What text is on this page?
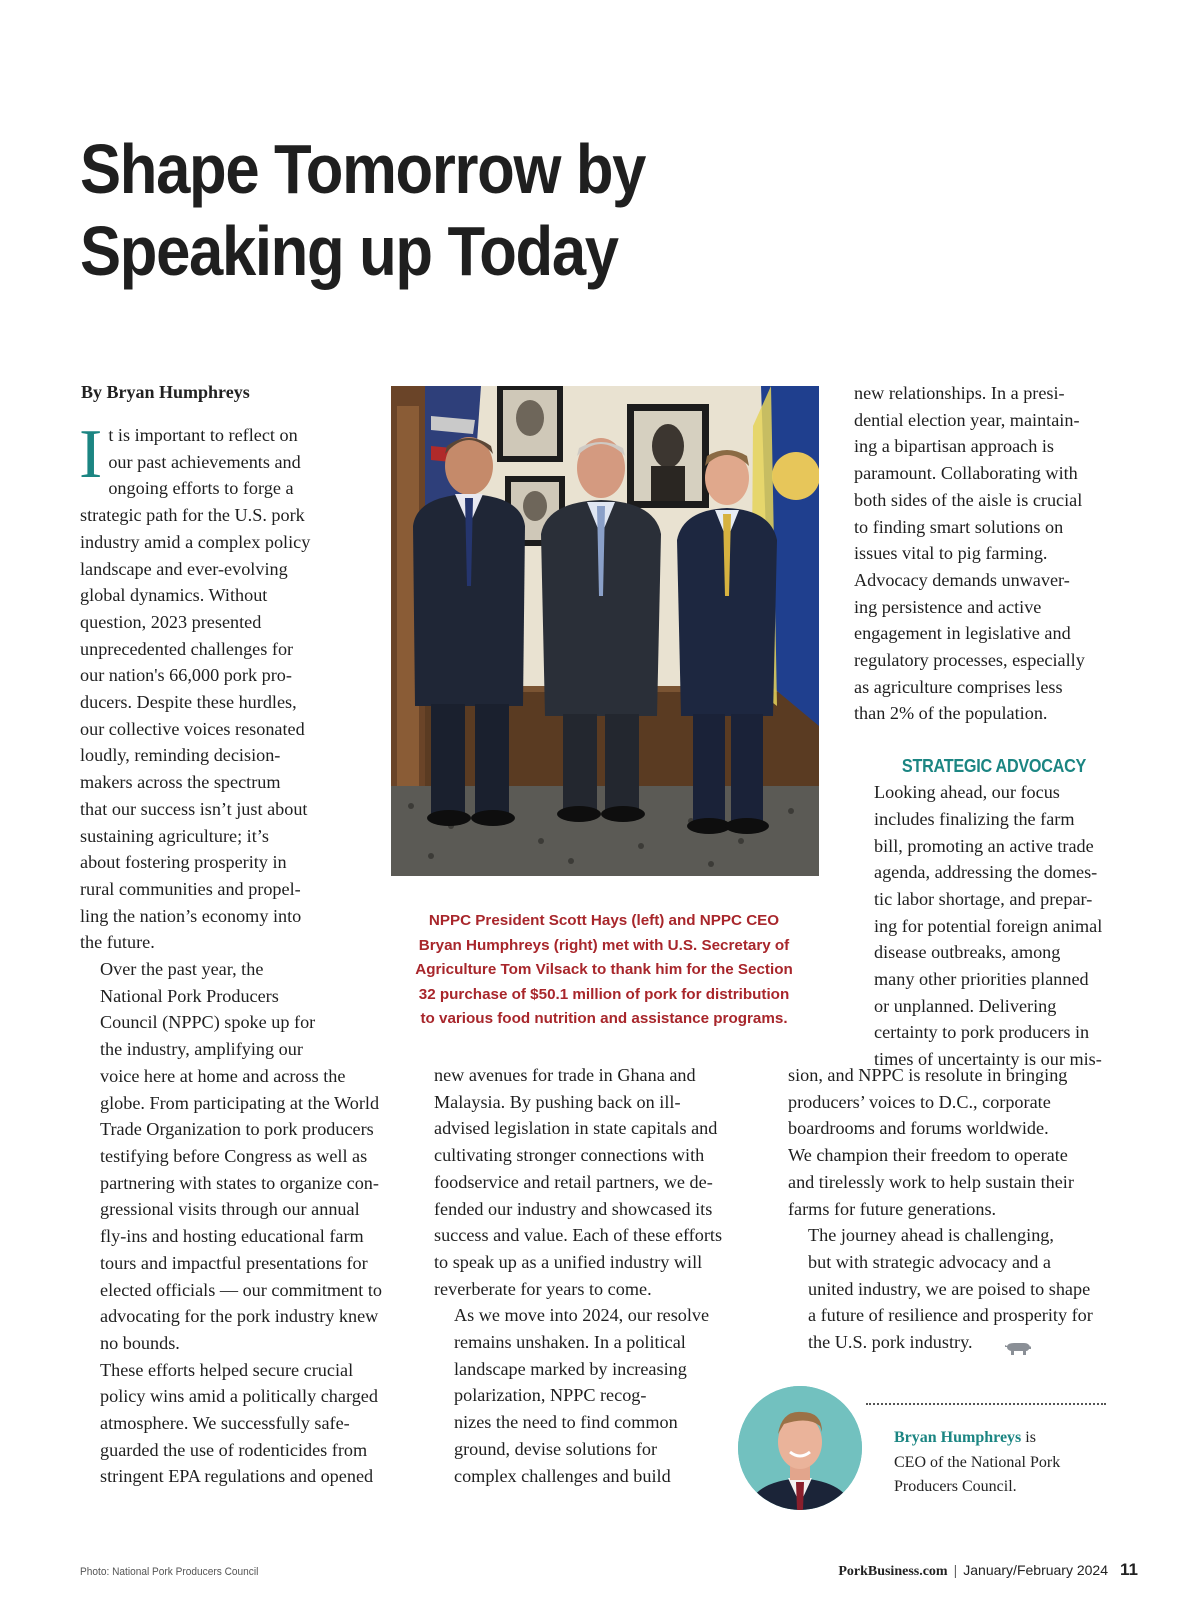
Shape Tomorrow by
Speaking up Today
By Bryan Humphreys

I t is important to reflect on
our past achievements and
ongoing efforts to forge a
strategic path for the U.S. pork
industry amid a complex policy
landscape and ever-evolving
global dynamics. Without
question, 2023 presented
unprecedented challenges for
our nation's 66,000 pork pro-
ducers. Despite these hurdles,
our collective voices resonated
loudly, reminding decision-
makers across the spectrum
that our success isn’t just about
sustaining agriculture; it’s
about fostering prosperity in
rural communities and propel-
ling the nation’s economy into
the future.

Over the past year, the
National Pork Producers
Council (NPPC) spoke up for
the industry, amplifying our
voice here at home and across the
globe. From participating at the World
Trade Organization to pork producers
testifying before Congress as well as
partnering with states to organize con-
gressional visits through our annual
fly-ins and hosting educational farm
tours and impactful presentations for
elected officials — our commitment to
advocating for the pork industry knew
no bounds.

These efforts helped secure crucial
policy wins amid a politically charged
atmosphere. We successfully safe-
guarded the use of rodenticides from
stringent EPA regulations and opened

NPPC President Scott Hays (left) and NPPC CEO
Bryan Humphreys (right) met with U.S. Secretary of
Agriculture Tom Vilsack to thank him for the Section
32 purchase of $50.1 million of pork for distribution
to various food nutrition and assistance programs.

new avenues for trade in Ghana and
Malaysia. By pushing back on ill-
advised legislation in state capitals and
cultivating stronger connections with
foodservice and retail partners, we de-
fended our industry and showcased its
success and value. Each of these efforts
to speak up as a unified industry will
reverberate for years to come.

As we move into 2024, our resolve
remains unshaken. In a political
landscape marked by increasing
polarization, NPPC recog-
nizes the need to find common
ground, devise solutions for
complex challenges and build

new relationships. In a presi-
dential election year, maintain-
ing a bipartisan approach is
paramount. Collaborating with
both sides of the aisle is crucial
to finding smart solutions on
issues vital to pig farming.
Advocacy demands unwaver-
ing persistence and active
engagement in legislative and
regulatory processes, especially
as agriculture comprises less
than 2% of the population.

STRATEGIC ADVOCACY

Looking ahead, our focus
includes finalizing the farm
bill, promoting an active trade
agenda, addressing the domes-
tic labor shortage, and prepar-
ing for potential foreign animal
disease outbreaks, among
many other priorities planned
or unplanned. Delivering
certainty to pork producers in
times of uncertainty is our mis-

sion, and NPPC is resolute in bringing
producers’ voices to D.C., corporate
boardrooms and forums worldwide.
We champion their freedom to operate
and tirelessly work to help sustain their
farms for future generations.

The journey ahead is challenging,
but with strategic advocacy and a
united industry, we are poised to shape
a future of resilience and prosperity for
the U.S. pork industry.

Bryan Humphreys is
CEO of the National Pork
Producers Council.
Photo: National Pork Producers Council	PorkBusiness.com | January/February 2024 11
